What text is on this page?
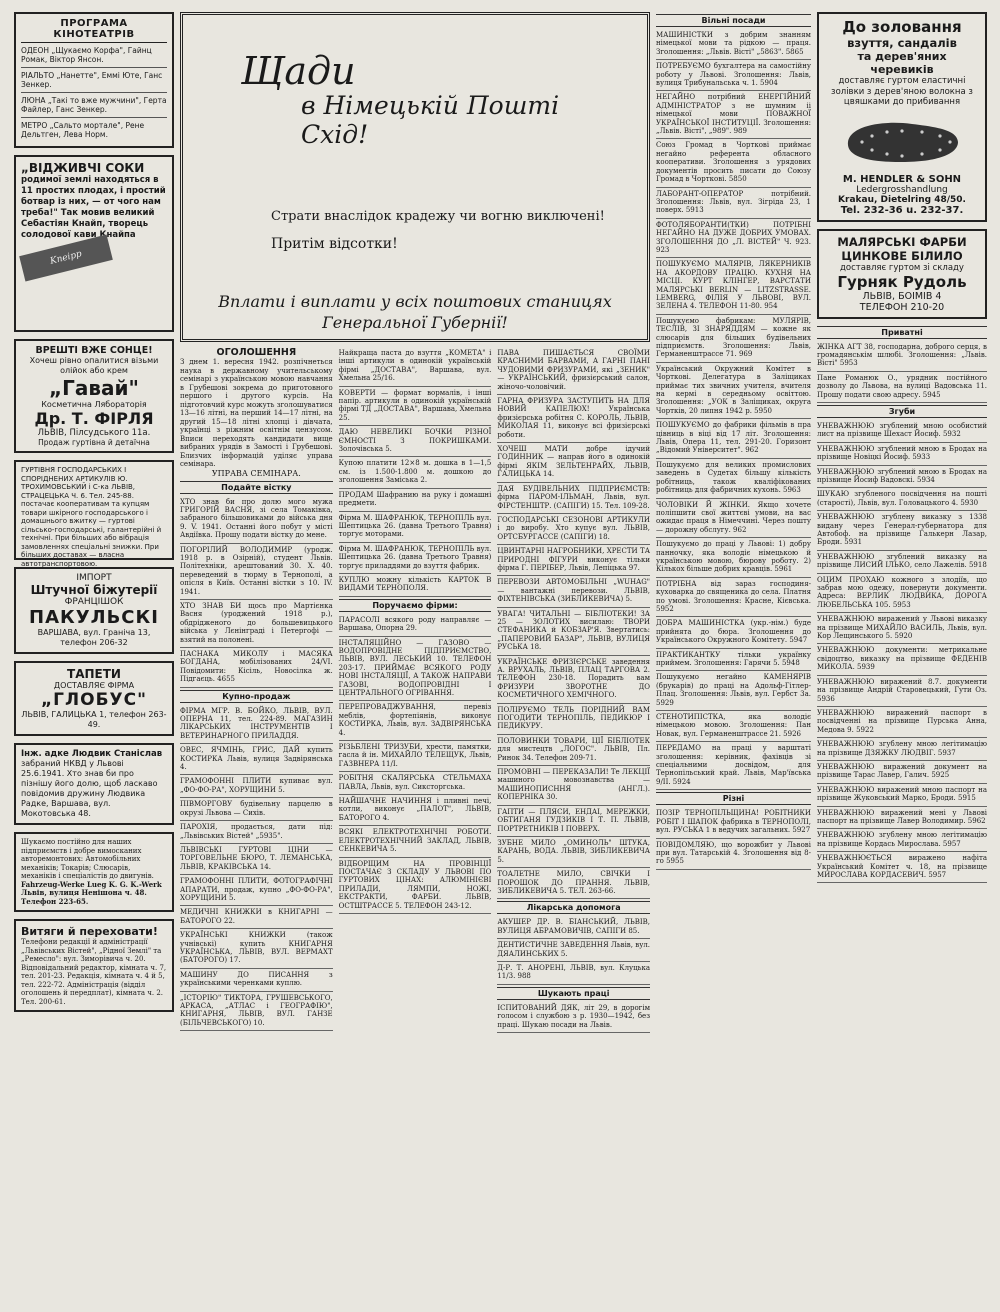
ПРОГРАМА КІНОТЕАТРІВ
ОДЕОН „Щукаємо Корфа", Гайнц Ромак, Віктор Янсон.
РІАЛЬТО „Нанетте", Еммі Юте, Ганс Зенкер.
ЛЮНА „Такі то вже мужчини", Герта Файлер, Ганс Зенкер.
МЕТРО „Сальто мортале", Рене Дельтген, Лева Норм.
„ВІДЖИВЧІ СОКИ
родимої землі находяться в 11 простих плодах, і простий ботвар із них, — от чого нам треба!" Так мовив великий Себастіян Кнайп, творець солодової кави Кнайпа
Kneipp
ВРЕШТІ ВЖЕ СОНЦЕ!
Хочеш рівно опалитися візьми олійок або крем
„Гавай"
Косметична Лябораторія
Др. Т. ФІРЛЯ
ЛЬВІВ, Пілсудського 11а.
Продаж гуртівна й детаїчна
ГУРТІВНЯ ГОСПОДАРСЬКИХ І СПОРІДНЕНИХ АРТИКУЛІВ Ю. ТРОХИМОВСЬКИЙ і С-ка ЛЬВІВ, СТРАЦЕЦЬКА Ч. 6. Тел. 245-88. постачає кооперативам та купцям товари шкірного господарського і домашнього вжитку — гуртові сільсько-господарські, галантерійні й технічні. При більших або вібрація замовленнях спеціальні знижки. При більших доставах — власна автотранспортовою.
ІМПОРТ
Штучної біжутерії
ФРАНЦІШОК
ПАКУЛЬСКІ
ВАРШАВА, вул. Граніча 13, телефон 206-32
ТАПЕТИ
ДОСТАВЛЯЄ ФІРМА
„ГЛОБУС"
ЛЬВІВ, ГАЛИЦЬКА 1, телефон 263-49.
Інж. адке Людвик Станіслав
забраний НКВД у Львові 25.6.1941. Хто знав би про пізнішу його долю, щоб ласкаво повідомив дружину Людвика Радке, Варшава, вул. Мокотовська 48.
Шукаємо постійно для наших підприємств і добре вимосканих авторемонтових: Автомобільних механіків; Токарів; Слюсарів, механіків і спеціалістів до двигунів.
Fahrzeug-Werke Lueg K. G. K.-Werk Львів, вулиця Ненішона ч. 48. Телефон 223-65.
Витяги й переховати!
Телефони редакції й адміністрації „Львівських Вістей", „Рідної Землі" та „Ремесло": вул. Зиморівича ч. 20. Відповідальний редактор, кімната ч. 7, тел. 201-23. Редакція, кімната ч. 4 й 5, тел. 222-72. Адміністрація (відділ оголошень й передплат), кімната ч. 2. Тел. 200-61.
Щади
в Німецькій Пошті Схід!
Страти внаслідок крадежу чи вогню виключені!
Притім відсотки!
Вплати і виплати у всіх поштових станицях
Генеральної Губернії!
ОГОЛОШЕННЯ
З днем 1. вересня 1942. розпічнеться наука в державному учительському семінарі з українською мовою навчання в Грубешові зокрема до приготовного першого і другого курсів. На підготовчий курс можуть зголошуватися 13—16 літні, на перший 14—17 літні, на другий 15—18 літні хлопці і дівчата, українці з ріжним освітнім цензусом. Вписи переходять кандидати вище вибраних урядів в Замості і Грубешові. Близчих інформацій уділяє управа семінара.
УПРАВА СЕМІНАРА.
Подайте вістку
ХТО знав би про долю мого мужа ГРИГОРІЙ ВАСНЯ, зі села Томаківка, забраного більшовиками до війська дня 9. V. 1941. Останні його побут у місті Авдіївка. Прошу подати вістку до мене.
ПОГОРІЛИЙ ВОЛОДИМИР (уродж. 1918 р. в Озірній), студент Львів. Політехніки, арештований 30. X. 40. переведений в тюрму в Тернополі, а опісля в Київ. Останні вістки з 10. IV. 1941.
ХТО ЗНАВ БИ щось про Мартієнка Васня (уроджений 1918 р.), обдрідженого до большевицького війська у Лєнінграді і Петергофі — взятий на полонені.
ПАСНАКА МИКОЛУ і МАСЯКА БОГДАНА, мобілізованих 24/VI. Повідомити: Кісіль, Новосілка ж. Підгаєць. 4655
Купно-продаж
ФІРМА МГР. В. БОЙКО, ЛЬВІВ, ВУЛ. ОПЕРНА 11, тел. 224-89. МАГАЗИН ЛІКАРСЬКИХ ІНСТРУМЕНТІВ І ВЕТЕРИНАРНОГО ПРИЛАДДЯ.
ОВЕС, ЯЧМІНЬ, ГРИС, ДАЙ купить КОСТИРКА Львів, вулиця Задвірянська 4.
ГРАМОФОННІ ПЛИТИ купиває вул. „ФО-ФО-РА", ХОРУЩИНИ 5.
ПІВМОРГОВУ будівельну парцелю в окрузі Львова — Сихів.
ПАРОХІЯ, продається, дати під: „Львівських Вістей" „5935".
ЛЬВІВСЬКІ ГУРТОВІ ЦІНИ — ТОРГОВЕЛЬНЕ БЮРО, Т. ЛЕМАНСЬКА, ЛЬВІВ, КРАКІВСЬКА 14.
ГРАМОФОННІ ПЛИТИ, ФОТОГРАФІЧНІ АПАРАТИ, продаж, купно „ФО-ФО-РА", ХОРУЩИНИ 5.
МЕДИЧНІ КНИЖКИ в КНИГАРНІ — БАТОРОГО 22.
УКРАЇНСЬКІ КНИЖКИ (також учнівські) купить КНИГАРНЯ УКРАЇНСЬКА, ЛЬВІВ, ВУЛ. ВЕРМАХТ (БАТОРОГО) 17.
МАШИНУ ДО ПИСАННЯ з українськими черенками куплю.
„ІСТОРІЮ" ТИКТОРА, ГРУШЕВСЬКОГО, АРКАСА, „АТЛАС і ГЕОГРАФІЮ", КНИГАРНЯ, ЛЬВІВ, ВУЛ. ГАНЗЕ (БІЛЬЧЕВСЬКОГО) 10.
Найкраща паста до взуття „КОМЕТА" і інші артикули в одинокій українській фірмі „ДОСТАВА", Варшава, вул. Хмельна 25/16.
КОВЕРТИ — формат вормалів, і інші папір. артикули в одинокій українській фірмі ТД „ДОСТАВА", Варшава, Хмельна 25.
ДАЮ НЕВЕЛИКІ БОЧКИ РІЗНОЇ ЄМНОСТІ З ПОКРИШКАМИ. Золочівська 5.
Купою платити 12×8 м. дошка в 1—1,5 см. із 1.500-1.800 м. дошкою до зголошення Заміська 2.
ПРОДАМ Шафранию на руку і домашні предмети.
Фірма М. ШАФРАНЮК, ТЕРНОПІЛЬ вул. Шептицька 26. (давна Третього Травня) торгує моторами.
Фірма М. ШАФРАНЮК, ТЕРНОПІЛЬ вул. Шептицька 26. (давна Третього Травня) торгує приладдями до взуття фабрик.
КУПЛЮ можну кількість КАРТОК В ВИДАМИ ТЕРНОПОЛЯ.
Поручаємо фірми:
ПАРАСОЛІ всякого роду направляє — Варшава, Опорна 29.
ІНСТАЛЯЦІЙНО — ГАЗОВО — ВОДОПРОВІДНЕ ПІДПРИЄМСТВО, ЛЬВІВ, ВУЛ. ЛЕСЬКИЙ 10. ТЕЛЕФОН 203-17. ПРИЙМАЄ ВСЯКОГО РОДУ НОВІ ІНСТАЛЯЦІЇ, А ТАКОЖ НАПРАВИ ГАЗОВІ, ВОДОПРОВІДНІ І ЦЕНТРАЛЬНОГО ОГРІВАННЯ.
ПЕРЕПРОВАДЖУВАННЯ, перевіз меблів, фортепіянів, виконує КОСТИРКА, Львів, вул. ЗАДВІРЯНСЬКА 4.
РІЗЬБЛЕНІ ТРИЗУБИ, хрести, памятки, гасла й ін. МИХАЙЛО ТЕЛЕЩУК, Львів, ГАЗВНЕРА 11/I.
РОБІТНЯ СКАЛЯРСЬКА СТЕЛЬМАХА ПАВЛА, Львів, вул. Сиксторгська.
НАЙШАЧНЕ НАЧИННЯ і пливні печі, котли, виконує „ПАЛОТ", ЛЬВІВ, БАТОРОГО 4.
ВСЯКІ ЕЛЕКТРОТЕХНІЧНІ РОБОТИ. ЕЛЕКТРОТЕХНІЧНИЙ ЗАКЛАД, ЛЬВІВ, СЕНКЕВИЧА 5.
ВІДБОРЩИМ НА ПРОВІНЦІЇ ПОСТАЧАЄ З СКЛАДУ У ЛЬВОВІ ПО ГУРТОВИХ ЦІНАХ: АЛЮМІНІЄВІ ПРИЛАДИ, ЛЯМПИ, НОЖІ, ЕКСТРАКТИ, ФАРБИ. ЛЬВІВ, ОСТШТРАССЕ 5. ТЕЛЕФОН 243-12.
ПАВА ПИШАЄТЬСЯ СВОЇМИ КРАСНИМИ БАРВАМИ, А ГАРНІ ПАНІ ЧУДОВИМИ ФРИЗУРАМИ, які „ЗЕНИК" — УКРАЇНСЬКИЙ, фризієрський салон, жіночо-чоловічий.
ГАРНА ФРИЗУРА ЗАСТУПИТЬ НА ДЛЯ НОВИЙ КАПЕЛЮХ! Українська фризієрська робітня С. КОРОЛЬ, ЛЬВІВ, МИКОЛАЯ 11, виконує всі фризієрські роботи.
ХОЧЕШ МАТИ добре ідучий ГОДИННИК — направ його в одинокій фірмі ЯКІМ ЗЕЛЬТЕНРАЙХ, ЛЬВІВ, ГАЛИЦЬКА 14.
ДАЯ БУДІВЕЛЬНИХ ПІДПРИЄМСТВ: фірма ПАРОМ-ІЛЬМАН, Львів, вул. ФІРСТЕНШТР. (САПІГИ) 15. Тел. 109-28.
ГОСПОДАРСЬКІ СЕЗОНОВІ АРТИКУЛИ і до виробу. Хто купує вул. ЛЬВІВ, ОРТСБУРГАССЕ (САПІГИ) 18.
ЦВИНТАРНІ НАГРОБНИКИ, ХРЕСТИ ТА ПРИРОДНІ ФІГУРИ виконує тільки фірма Г. ПЕРІБЕР, Львів, Лепіцька 97.
ПЕРЕВОЗИ АВТОМОБІЛЬНІ „WUHAG" — вантажні перевози. ЛЬВІВ, ФІХТЕНІВСЬКА (ЗИБЛИКЕВИЧА) 5.
УВАГА! ЧИТАЛЬНІ — БІБЛІОТЕКИ! ЗА 25 — ЗОЛОТИХ висилаю: ТВОРИ СТЕФАНИКА й КОБЗАР'Я. Звертатись: „ПАПЕРОВИЙ БАЗАР", ЛЬВІВ, ВУЛИЦЯ РУСЬКА 18.
УКРАЇНСЬКЕ ФРИЗІЄРСЬКЕ заведення А. ВРУХАЛЬ, ЛЬВІВ, ПЛАЦ ТАРГОВА 2. ТЕЛЕФОН 230-18. Порадить вам ФРИЗУРИ ЗВОРОТНЕ ДО КОСМЕТИЧНОГО ХЕМІЧНОГО.
ПОЛІРУЄМО ТЕЛЬ ПОРІДНИЙ ВАМ ПОГОДИТИ ТЕРНОПІЛЬ, ПЕДИКЮР І ПЕДИКУРУ.
ПОЛОВИНКИ ТОВАРИ, ЦІЇ БІБЛІОТЕК для мистецтв „ЛОГОС". ЛЬВІВ, Пл. Ринок 34. Телефон 209-71.
ПРОМОВНІ — ПЕРЕКАЗАЛИ! Те ЛЕКЦІЇ машиного мовознавства — МАШИНОПИСННЯ (АНГЛ.). КОПЕРНІКА 30.
ГАПТИ — ПЛЯСИ, ЕНДАІ, МЕРЕЖКИ, ОБТИГАНЯ ГУДЗИКІВ І Т. П. ЛЬВІВ, ПОРТРЕТНИКІВ І ПОВЕРХ.
ЗУБНЕ МИЛО „ОМИНОЛЬ" ШТУКА, КАРАНЬ, ВОДА. ЛЬВІВ, ЗИБЛИКЕВИЧА 5.
ТОАЛЕТНЕ МИЛО, СВІЧКИ І ПОРОШОК ДО ПРАННЯ. ЛЬВІВ, ЗИБЛИКЕВИЧА 5. ТЕЛ. 263-66.
Лікарська допомога
АКУШЕР ДР. В. БІАНСЬКИЙ, ЛЬВІВ, ВУЛИЦЯ АБРАМОВИЧІВ, САПІГИ 85.
ДЕНТИСТИЧНЕ ЗАВЕДЕННЯ Львів, вул. ДЯАЛИНСЬКИХ 5.
Д-Р. Т. АНОРЕНІ, ЛЬВІВ, вул. Клуцька 11/3. 988
Шукають праці
ІСПИТОВАНИЙ ДЯК, літ 29, в дорогім голосом і службою з р. 1930—1942, без праці. Шукаю посади на Львів.
Вільні посади
МАШИНІСТКИ з добрим знанням німецької мови та рідкою — праця. Зголошення: „Львів. Вісті" „5863". 5865
ПОТРЕБУЄМО бухгалтера на самостійну роботу у Львові. Зголошення: Львів, вулиця Трибунальська ч. 1. 5904
НЕГАЙНО потрібний ЕНЕРГІЙНИЙ АДМІНІСТРАТОР з не шумним іі німецької мови ПОВАЖНОЇ УКРАЇНСЬКОЇ ІНСТИТУЦІЇ. Зголошення: „Львів. Вісті", „989". 989
Союз Громад в Чорткові приймає негайно референта обласного кооперативи. Зголошення з урядових документів просить писати до Союзу Громад в Чорткові. 5850
ЛАБОРАНТ-ОПЕРАТОР потрібний. Зголошення: Львів, вул. Зігріда 23, 1 поверх. 5913
ФОТОЛЯБОРАНТИ(ТКИ) ПОТРІБНІ НЕГАЙНО НА ДУЖЕ ДОБРИХ УМОВАХ. ЗГОЛОШЕННЯ ДО „Л. ВІСТЕЙ" Ч. 923. 923
ПОШУКУЄМО МАЛЯРІВ, ЛЯКЕРНИКІВ НА АКОРДОВУ ПРАЦЮ. КУХНЯ НА МІСЦІ. КУРТ КЛІНГЕР, ВАРСТАТИ МАЛЯРСЬКІ BERLIN — LITZSTRASSE. LEMBERG, ФІЛІЯ У ЛЬВОВІ, ВУЛ. ЗЕЛЕНА 4. ТЕЛЕФОН 11-80. 954
Пошукуємо фабрикам: МУЛЯРІВ, ТЕСЛІВ, ЗІ ЗНАРЯДДЯМ — кожне як слюсарів для більших будівельних підприємств. Зголошення: Львів, Германенштрассе 71. 969
Український Окружний Комітет в Чорткові. Делегатура в Заліщиках приймає тих звичних учителя, вчителя на кермі в середньому освіттою. Зголошення: „УОК в Заліщиках, округа Чортків, 20 липня 1942 р. 5950
ПОШУКУЄМО до фабрики фільмів в пра цівниць в віці від 17 літ. Зголошення: Львів, Опера 11, тел. 291-20. Горизонт „Відомий Університет". 962
Пошукуємо для великих промислових заведень в Судетах більшу кількість робітниць, також кваліфікованих робітниць для фабричних кухонь. 5963
ЧОЛОВІКИ Й ЖІНКИ. Якщо хочете поліпшити свої життєві умови, на вас ожидає праця в Німеччині. Через пошту — дорожну обслугу. 962
Пошукуємо до праці у Львові: 1) добру панночку, яка володіє німецькою й українською мовою, бюрову роботу. 2) Кількох більше добрих кравців. 5961
ПОТРІБНА від зараз господиня-куховарка до священика до села. Платня по умові. Зголошення: Красне, Кієвська. 5952
ДОБРА МАШИНІСТКА (укр.-нім.) буде прийнята до бюра. Зголошення до Українського Окружного Комітету. 5947
ПРАКТИКАНТКУ тільки українку приймем. Зголошення: Гарячи 5. 5948
Пошукуємо негайно КАМЕНЯРІВ (брукарів) до праці на Адольф-Гітлер-Плац. Зголошення: Львів, вул. Гербст 3а. 5929
СТЕНОТИПІСТКА, яка володіє німецькою мовою. Зголошення: Пан Новак, вул. Германенштрассе 21. 5926
ПЕРЕДАМО на праці у варштаті зголошення: керівник, фахівців зі спеціальними досвідом, для Тернопільський край. Львів, Мар'ївська 9/II. 5924
Різні
ПОЗІР ТЕРНОПІЛЬЩИНА! РОБІТНИКИ РОБІТ І ШАПОК фабрика в ТЕРНОПОЛІ, вул. РУСЬКА 1 в ведучих загальних. 5927
ПОВІДОМЛЯЮ, що ворожбит у Львові при вул. Татарській 4. Зголошення від 8-го 5955
До золовання
взуття, сандалів
та дерев'яних черевиків
доставляє гуртом еластичні золівки з дерев'яною волокна з цвяшками до прибивання
M. HENDLER & SOHN
Ledergrosshandlung
Krakau, Dietelring 48/50.
Tel. 232-36 u. 232-37.
МАЛЯРСЬКІ ФАРБИ
ЦИНКОВЕ БІЛИЛО
доставляє гуртом зі складу
Гурняк Рудоль
ЛЬВІВ, БОІМІВ 4
ТЕЛЕФОН 210-20
Приватні
ЖІНКА АГТ 38, господарна, доброго серця, в громадянськім шлюбі. Зголошення: „Львів. Вісті" 5953
Пане Романюк О., урядник постійного дозволу до Львова, на вулиці Вадовська 11. Прошу подати свою адресу. 5945
Згуби
УНЕВАЖНЮЮ згублений мною особистий лист на прізвище Шехаст Йосиф. 5932
УНЕВАЖНЮЮ згублений мною в Бродах на прізвище Новіцкі Йосиф. 5933
УНЕВАЖНЮЮ згублений мною в Бродах на прізвище Йосиф Вадовскі. 5934
ШУКАЮ згубленого посвідчення на пошті (старості), Львів, вул. Головацького 4. 5930
УНЕВАЖНЮЮ згублену виказку з 1338 видану через Генерал-губернатора для Автобоф. на прізвище Галькерн Лазар, Броди. 5931
УНЕВАЖНЮЮ згублений виказку на прізвище ЛИСИЙ ІЛЬКО, село Лажелів. 5918
ОЦИМ ПРОХАЮ кожного з злодіїв, що забрав мою одежу, повернути документи. Адреса: ВЕРЛИК ЛЮДВИКА, ДОРОГА ЛЮБЕЛЬСЬКА 105. 5953
УНЕВАЖНЮЮ виражений у Львові виказку на прізвище МИХАЙЛО ВАСИЛЬ, Львів, вул. Кор Лещинського 5. 5920
УНЕВАЖНЮЮ документи: метрикальне свідоцтво, виказку на прізвище ФЕДЕНІВ МИКОЛА. 5939
УНЕВАЖНЮЮ виражений 8.7. документи на прізвище Андрій Старовецький, Гути Оз. 5936
УНЕВАЖНЮЮ виражений паспорт в посвідченні на прізвище Пурська Анна, Медова 9. 5922
УНЕВАЖНЮЮ згублену мною легітимацію на прізвище ДЗЯЖКУ ЛЮДВІГ. 5937
УНЕВАЖНЮЮ виражений документ на прізвище Тарас Лавер, Галич. 5925
УНЕВАЖНЮЮ виражений мною паспорт на прізвище Жуковський Марко, Броди. 5915
УНЕВАЖНЮЮ виражений мені у Львові паспорт на прізвище Лавер Володимир. 5962
УНЕВАЖНЮЮ згублену мною легітимацію на прізвище Кордась Мирослава. 5957
УНЕВАЖНЮЄТЬСЯ виражено нафіта Український Комітет ч. 18, на прізвище МИРОСЛАВА КОРДАСЕВИЧ. 5957
